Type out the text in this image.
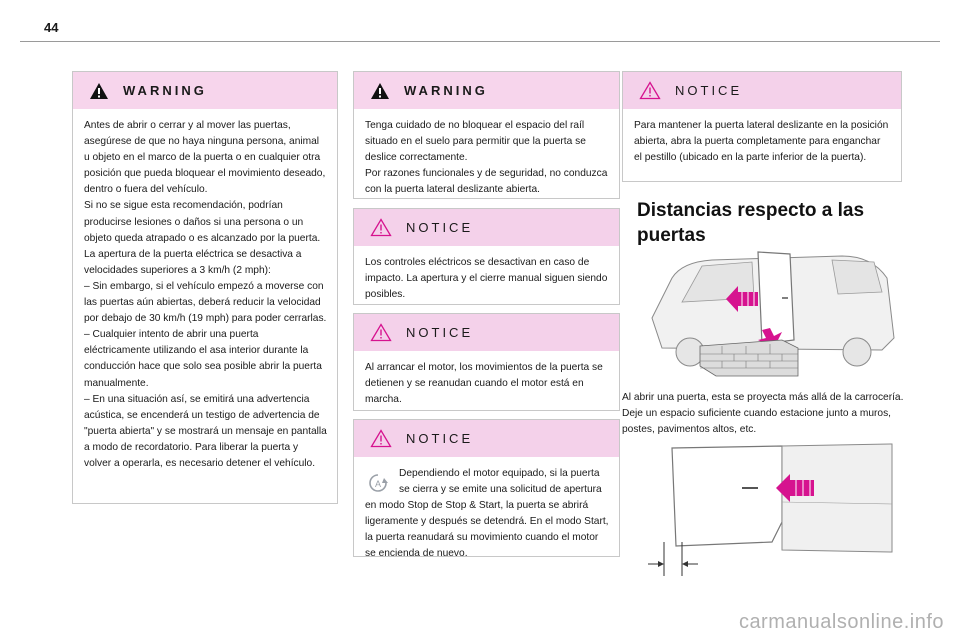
44
WARNING

Antes de abrir o cerrar y al mover las puertas, asegúrese de que no haya ninguna persona, animal u objeto en el marco de la puerta o en cualquier otra posición que pueda bloquear el movimiento deseado, dentro o fuera del vehículo.
Si no se sigue esta recomendación, podrían producirse lesiones o daños si una persona o un objeto queda atrapado o es alcanzado por la puerta.
La apertura de la puerta eléctrica se desactiva a velocidades superiores a 3 km/h (2 mph):
– Sin embargo, si el vehículo empezó a moverse con las puertas aún abiertas, deberá reducir la velocidad por debajo de 30 km/h (19 mph) para poder cerrarlas.
– Cualquier intento de abrir una puerta eléctricamente utilizando el asa interior durante la conducción hace que solo sea posible abrir la puerta manualmente.
– En una situación así, se emitirá una advertencia acústica, se encenderá un testigo de advertencia de "puerta abierta" y se mostrará un mensaje en pantalla a modo de recordatorio. Para liberar la puerta y volver a operarla, es necesario detener el vehículo.

WARNING

Tenga cuidado de no bloquear el espacio del raíl situado en el suelo para permitir que la puerta se deslice correctamente.
Por razones funcionales y de seguridad, no conduzca con la puerta lateral deslizante abierta.

NOTICE

Los controles eléctricos se desactivan en caso de impacto. La apertura y el cierre manual siguen siendo posibles.

NOTICE

Al arrancar el motor, los movimientos de la puerta se detienen y se reanudan cuando el motor está en marcha.

NOTICE
A

Dependiendo el motor equipado, si la puerta se cierra y se emite una solicitud de apertura en modo Stop de Stop & Start, la puerta se abrirá ligeramente y después se detendrá. En el modo Start, la puerta reanudará su movimiento cuando el motor se encienda de nuevo.

NOTICE

Para mantener la puerta lateral deslizante en la posición abierta, abra la puerta completamente para enganchar el pestillo (ubicado en la parte inferior de la puerta).

Distancias respecto a las puertas
Al abrir una puerta, esta se proyecta más allá de la carrocería. Deje un espacio suficiente cuando estacione junto a muros, postes, pavimentos altos, etc.
carmanualsonline.info
